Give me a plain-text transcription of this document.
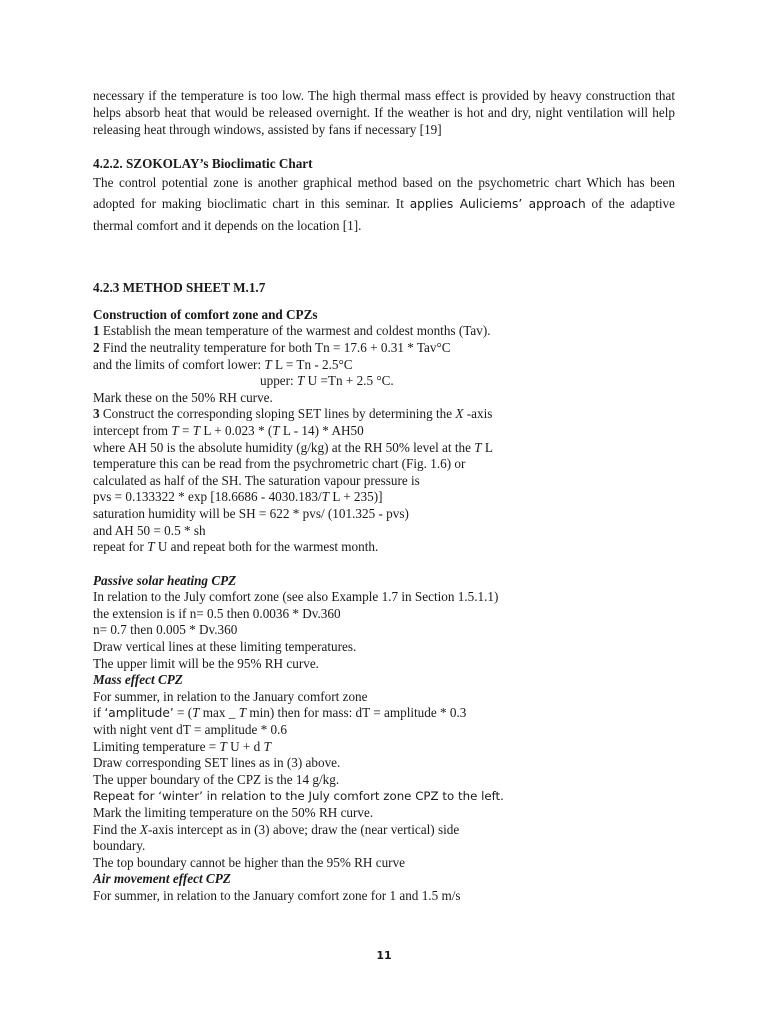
necessary if the temperature is too low. The high thermal mass effect is provided by heavy construction that helps absorb heat that would be released overnight. If the weather is hot and dry, night ventilation will help releasing heat through windows, assisted by fans if necessary [19]

4.2.2. SZOKOLAY’s Bioclimatic Chart

The control potential zone is another graphical method based on the psychometric chart Which has been adopted for making bioclimatic chart in this seminar. It applies Auliciems’ approach of the adaptive thermal comfort and it depends on the location [1].

4.2.3 METHOD SHEET M.1.7

Construction of comfort zone and CPZs

1 Establish the mean temperature of the warmest and coldest months (Tav).

2 Find the neutrality temperature for both Tn = 17.6 + 0.31 * Tav°C

and the limits of comfort lower: T L = Tn - 2.5°C

upper: T U =Tn + 2.5 °C.

Mark these on the 50% RH curve.

3 Construct the corresponding sloping SET lines by determining the X -axis

intercept from T = T L + 0.023 * (T L - 14) * AH50

where AH 50 is the absolute humidity (g/kg) at the RH 50% level at the T L

temperature this can be read from the psychrometric chart (Fig. 1.6) or

calculated as half of the SH. The saturation vapour pressure is

pvs = 0.133322 * exp [18.6686 - 4030.183/T L + 235)]

saturation humidity will be SH = 622 * pvs/ (101.325 - pvs)

and AH 50 = 0.5 * sh

repeat for T U and repeat both for the warmest month.

Passive solar heating CPZ

In relation to the July comfort zone (see also Example 1.7 in Section 1.5.1.1)

the extension is if n= 0.5 then 0.0036 * Dv.360

n= 0.7 then 0.005 * Dv.360

Draw vertical lines at these limiting temperatures.

The upper limit will be the 95% RH curve.

Mass effect CPZ

For summer, in relation to the January comfort zone

if ‘amplitude’ = (T max _ T min) then for mass: dT = amplitude * 0.3

with night vent dT = amplitude * 0.6

Limiting temperature = T U + d T

Draw corresponding SET lines as in (3) above.

The upper boundary of the CPZ is the 14 g/kg.

Repeat for ‘winter’ in relation to the July comfort zone CPZ to the left.

Mark the limiting temperature on the 50% RH curve.

Find the X-axis intercept as in (3) above; draw the (near vertical) side

boundary.

The top boundary cannot be higher than the 95% RH curve

Air movement effect CPZ

For summer, in relation to the January comfort zone for 1 and 1.5 m/s

11
